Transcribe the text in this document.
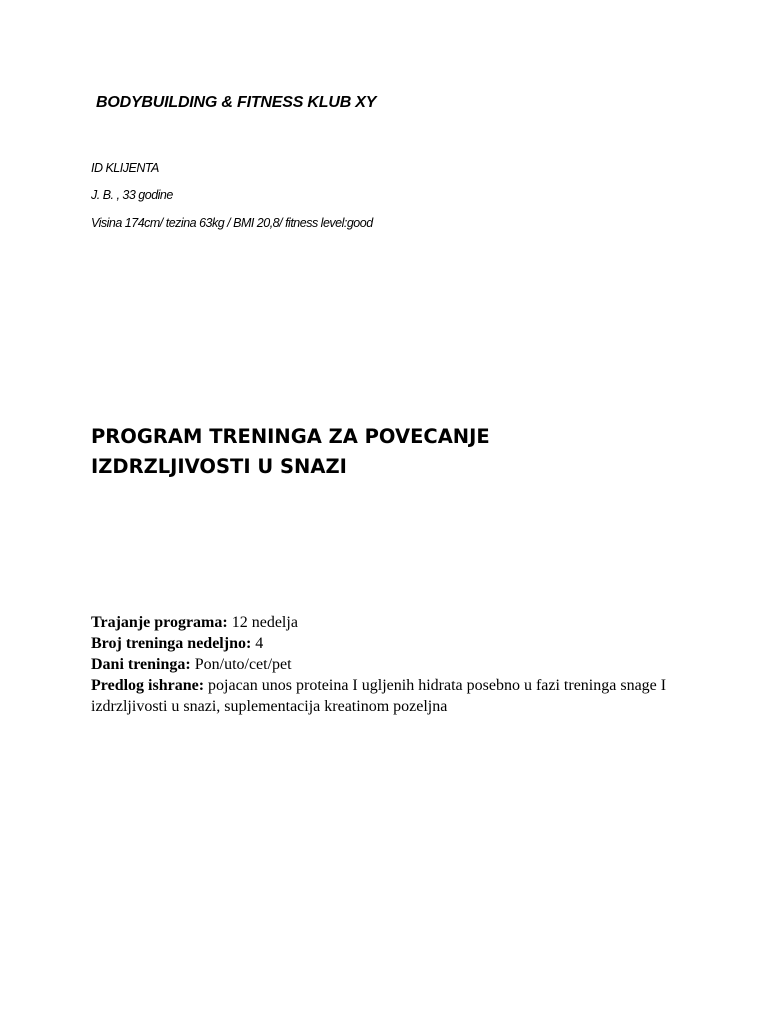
BODYBUILDING & FITNESS KLUB XY
ID KLIJENTA
J. B. , 33 godine
Visina 174cm/ tezina 63kg / BMI 20,8/ fitness level:good
PROGRAM TRENINGA ZA POVECANJE
IZDRZLJIVOSTI U SNAZI
Trajanje programa: 12 nedelja
Broj treninga nedeljno: 4
Dani treninga: Pon/uto/cet/pet
Predlog ishrane: pojacan unos proteina I ugljenih hidrata posebno u fazi treninga snage I izdrzljivosti u snazi, suplementacija kreatinom pozeljna
